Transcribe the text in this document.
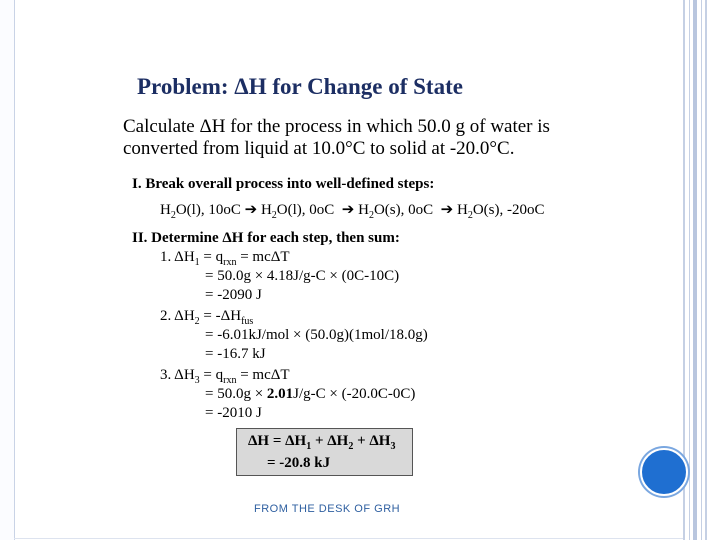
Problem: ΔH for Change of State
Calculate ΔH for the process in which 50.0 g of water is
converted from liquid at 10.0°C to solid at -20.0°C.
I. Break overall process into well-defined steps:
$H_2O(l)$, 10oC ➔ $H_2O(l)$, 0oC ➔ $H_2O(s)$, 0oC ➔ $H_2O(s)$, -20oC
II. Determine ΔH for each step, then sum:
1. $\Delta H_1 = q_{rxn} = mc\Delta T$
= 50.0g × 4.18J/g-C × (0C-10C)
= -2090 J
2. $\Delta H_2 = -\Delta H_{fus}$
= -6.01kJ/mol × (50.0g)(1mol/18.0g)
= -16.7 kJ
3. $\Delta H_3 = q_{rxn} = mc\Delta T$
= 50.0g × 2.01J/g-C × (-20.0C-0C)
= -2010 J
$\Delta H = \Delta H_1 + \Delta H_2 + \Delta H_3$
= -20.8 kJ
FROM THE DESK OF GRH
